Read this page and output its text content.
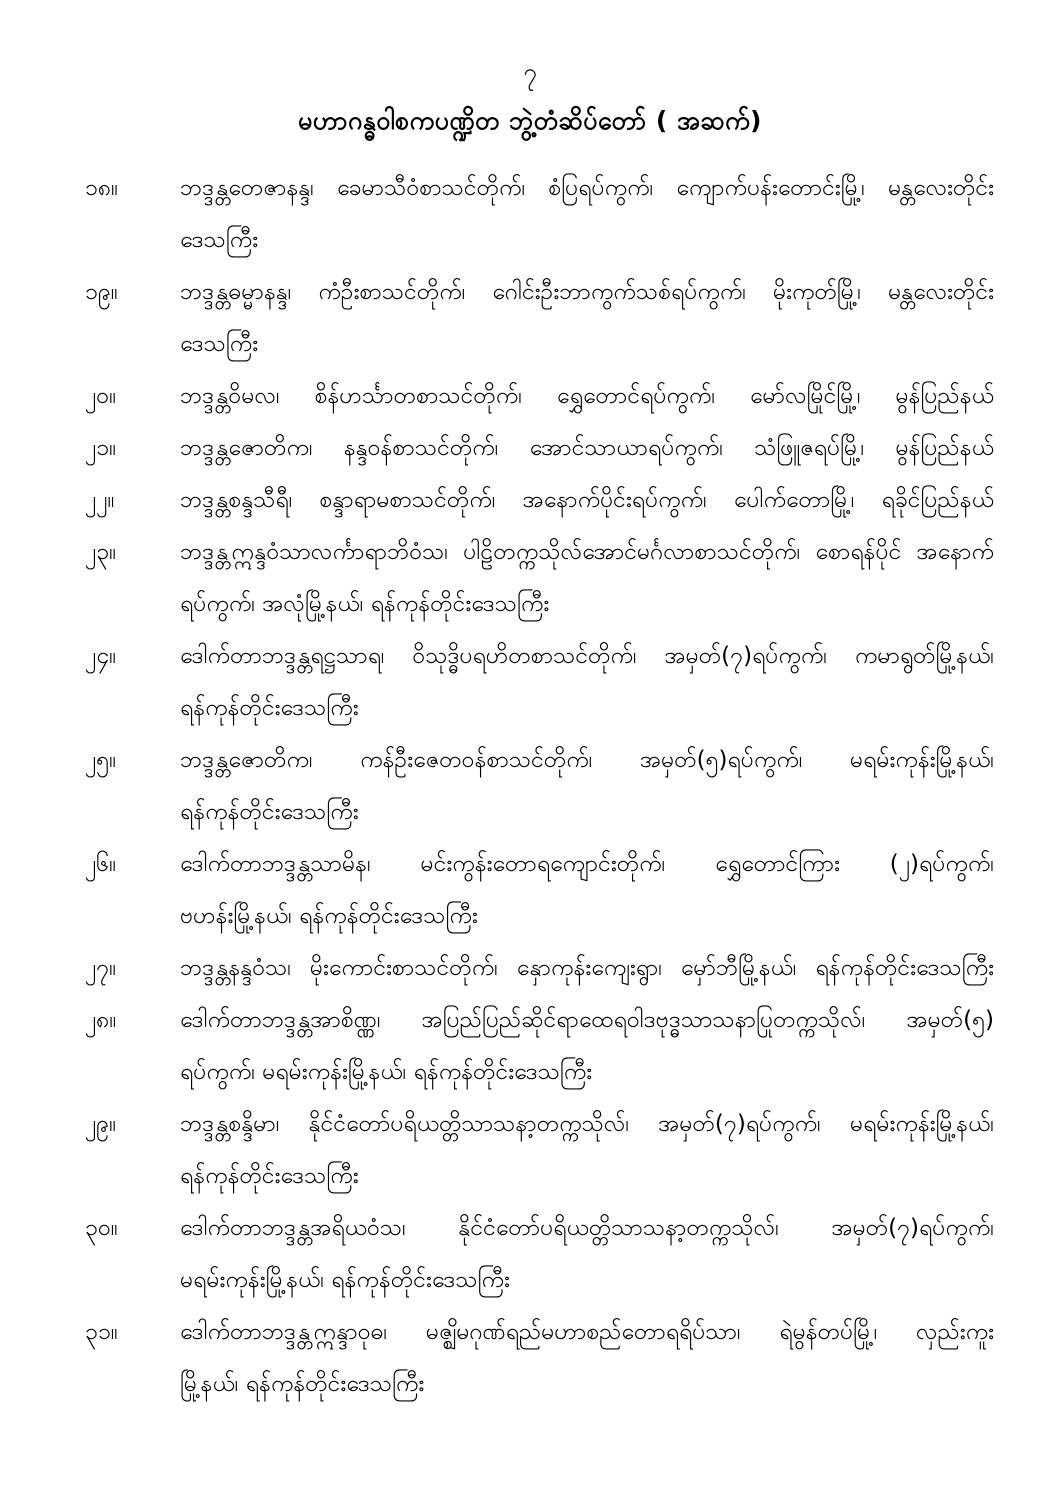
၇
မဟာဂန္ဓဝါစကပဏ္ဍိတ ဘွဲ့တံဆိပ်တော် ( အဆက်)
၁၈။	ဘဒ္ဒန္တတေဇာနန္ဒ၊ ခေမာသီဝံစာသင်တိုက်၊ စံပြရပ်ကွက်၊ ကျောက်ပန်းတောင်းမြို့၊ မန္တလေးတိုင်း
ဒေသကြီး
၁၉။	ဘဒ္ဒန္တဓမ္မာနန္ဒ၊ ကံဦးစာသင်တိုက်၊ ဂေါင်းဦးဘာကွက်သစ်ရပ်ကွက်၊ မိုးကုတ်မြို့၊ မန္တလေးတိုင်း
ဒေသကြီး
၂၀။	ဘဒ္ဒန္တဝိမလ၊ စိန်ဟင်္သာတစာသင်တိုက်၊ ရွှေတောင်ရပ်ကွက်၊ မော်လမြိုင်မြို့၊ မွန်ပြည်နယ်
၂၁။	ဘဒ္ဒန္တဇောတိက၊ နန္ဒဝန်စာသင်တိုက်၊ အောင်သာယာရပ်ကွက်၊ သံဖြူဇရပ်မြို့၊ မွန်ပြည်နယ်
၂၂။	ဘဒ္ဒန္တစန္ဒသီရီ၊ စန္ဒာရာမစာသင်တိုက်၊ အနောက်ပိုင်းရပ်ကွက်၊ ပေါက်တောမြို့၊ ရခိုင်ပြည်နယ်
၂၃။	ဘဒ္ဒန္တဣန္ဒဝံသာလင်္ကာရာဘိဝံသ၊ ပါဠိတက္ကသိုလ်အောင်မင်္ဂလာစာသင်တိုက်၊ စောရန်ပိုင် အနောက်
ရပ်ကွက်၊ အလုံမြို့နယ်၊ ရန်ကုန်တိုင်းဒေသကြီး
၂၄။	ဒေါက်တာဘဒ္ဒန္တရဋ္ဌသာရ၊ ဝိသုဒ္ဓိပရဟိတစာသင်တိုက်၊ အမှတ်(၇)ရပ်ကွက်၊ ကမာရွတ်မြို့နယ်၊
ရန်ကုန်တိုင်းဒေသကြီး
၂၅။	ဘဒ္ဒန္တဇောတိက၊ ကန်ဦးဇေတဝန်စာသင်တိုက်၊ အမှတ်(၅)ရပ်ကွက်၊ မရမ်းကုန်းမြို့နယ်၊
ရန်ကုန်တိုင်းဒေသကြီး
၂၆။	ဒေါက်တာဘဒ္ဒန္တသာမိန၊ မင်းကွန်းတောရကျောင်းတိုက်၊ ရွှေတောင်ကြား (၂)ရပ်ကွက်၊
ဗဟန်းမြို့နယ်၊ ရန်ကုန်တိုင်းဒေသကြီး
၂၇။	ဘဒ္ဒန္တနန္ဒဝံသ၊ မိုးကောင်းစာသင်တိုက်၊ နှောကုန်းကျေးရွာ၊ မှော်ဘီမြို့နယ်၊ ရန်ကုန်တိုင်းဒေသကြီး
၂၈။	ဒေါက်တာဘဒ္ဒန္တအာစိဏ္ဏ၊ အပြည်ပြည်ဆိုင်ရာထေရဝါဒဗုဒ္ဓသာသနာပြုတက္ကသိုလ်၊ အမှတ်(၅)
ရပ်ကွက်၊ မရမ်းကုန်းမြို့နယ်၊ ရန်ကုန်တိုင်းဒေသကြီး
၂၉။	ဘဒ္ဒန္တစန္ဒိမာ၊ နိုင်ငံတော်ပရိယတ္တိသာသနာ့တက္ကသိုလ်၊ အမှတ်(၇)ရပ်ကွက်၊ မရမ်းကုန်းမြို့နယ်၊
ရန်ကုန်တိုင်းဒေသကြီး
၃၀။	ဒေါက်တာဘဒ္ဒန္တအရိယဝံသ၊ နိုင်ငံတော်ပရိယတ္တိသာသနာ့တက္ကသိုလ်၊ အမှတ်(၇)ရပ်ကွက်၊
မရမ်းကုန်းမြို့နယ်၊ ရန်ကုန်တိုင်းဒေသကြီး
၃၁။	ဒေါက်တာဘဒ္ဒန္တဣန္ဒာဝုဓ၊ မဇ္ဈိမဂုဏ်ရည်မဟာစည်တောရရိပ်သာ၊ ရဲမွန်တပ်မြို့၊ လှည်းကူး
မြို့နယ်၊ ရန်ကုန်တိုင်းဒေသကြီး
